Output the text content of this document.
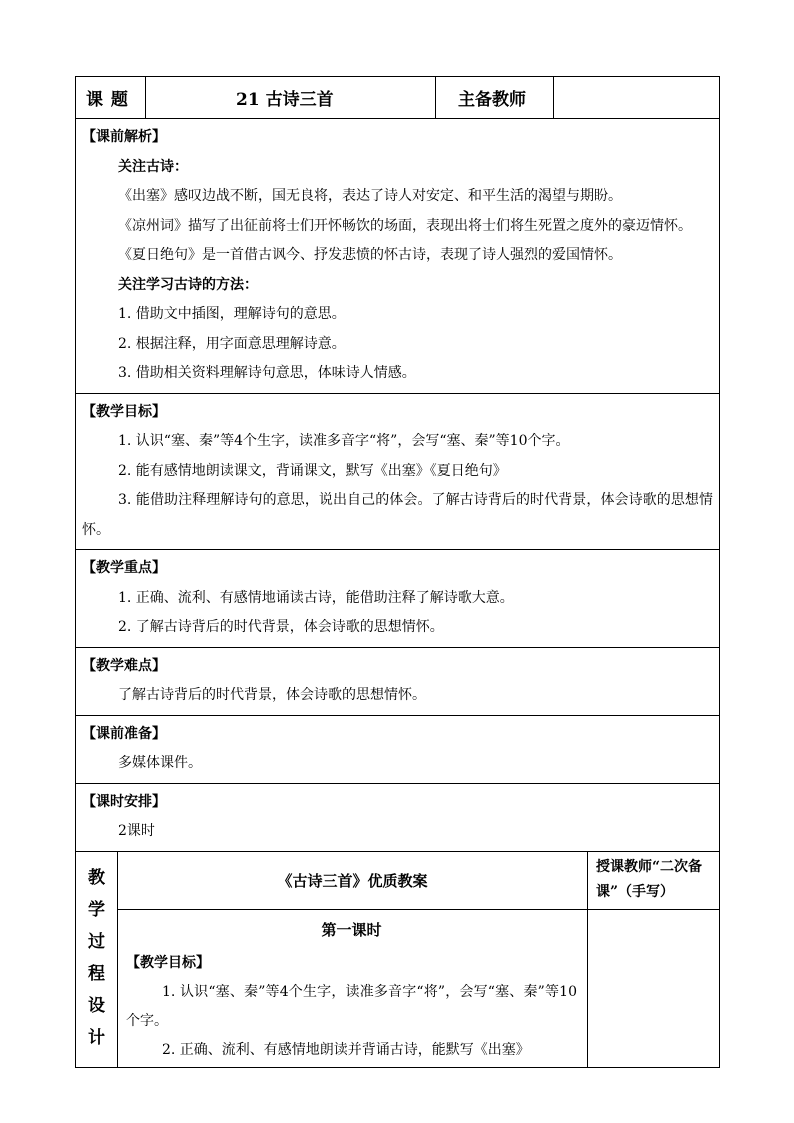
课 题	21 古诗三首	主备教师
【课前解析】
关注古诗：
《出塞》感叹边战不断，国无良将，表达了诗人对安定、和平生活的渴望与期盼。
《凉州词》描写了出征前将士们开怀畅饮的场面，表现出将士们将生死置之度外的豪迈情怀。
《夏日绝句》是一首借古讽今、抒发悲愤的怀古诗，表现了诗人强烈的爱国情怀。
关注学习古诗的方法：
1. 借助文中插图，理解诗句的意思。
2. 根据注释，用字面意思理解诗意。
3. 借助相关资料理解诗句意思，体味诗人情感。
【教学目标】
1. 认识“塞、秦”等4个生字，读准多音字“将”，会写“塞、秦”等10个字。
2. 能有感情地朗读课文，背诵课文，默写《出塞》《夏日绝句》
3. 能借助注释理解诗句的意思，说出自己的体会。了解古诗背后的时代背景，体会诗歌的思想情怀。
【教学重点】
1. 正确、流利、有感情地诵读古诗，能借助注释了解诗歌大意。
2. 了解古诗背后的时代背景，体会诗歌的思想情怀。
【教学难点】
了解古诗背后的时代背景，体会诗歌的思想情怀。
【课前准备】
多媒体课件。
【课时安排】
2课时
教
学
过
程
设
计
《古诗三首》优质教案
第一课时
【教学目标】
1. 认识“塞、秦”等4个生字，读准多音字“将”，会写“塞、秦”等10个字。
2. 正确、流利、有感情地朗读并背诵古诗，能默写《出塞》
授课教师“二次备课”（手写）
